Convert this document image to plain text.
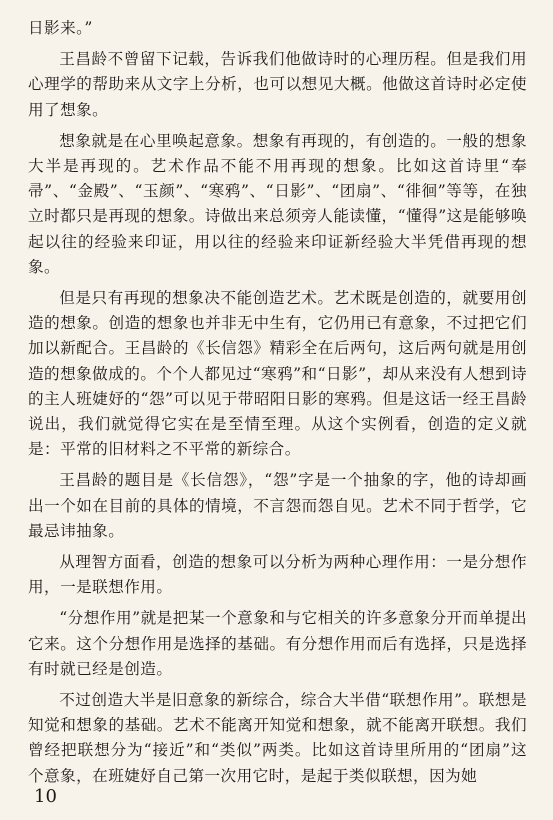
日影来。”

王昌龄不曾留下记载，告诉我们他做诗时的心理历程。但是我们用心理学的帮助来从文字上分析，也可以想见大概。他做这首诗时必定使用了想象。

想象就是在心里唤起意象。想象有再现的，有创造的。一般的想象大半是再现的。艺术作品不能不用再现的想象。比如这首诗里“奉帚”、“金殿”、“玉颜”、“寒鸦”、“日影”、“团扇”、“徘徊”等等，在独立时都只是再现的想象。诗做出来总须旁人能读懂，“懂得”这是能够唤起以往的经验来印证，用以往的经验来印证新经验大半凭借再现的想象。

但是只有再现的想象决不能创造艺术。艺术既是创造的，就要用创造的想象。创造的想象也并非无中生有，它仍用已有意象，不过把它们加以新配合。王昌龄的《长信怨》精彩全在后两句，这后两句就是用创造的想象做成的。个个人都见过“寒鸦”和“日影”，却从来没有人想到诗的主人班婕妤的“怨”可以见于带昭阳日影的寒鸦。但是这话一经王昌龄说出，我们就觉得它实在是至情至理。从这个实例看，创造的定义就是：平常的旧材料之不平常的新综合。

王昌龄的题目是《长信怨》，“怨”字是一个抽象的字，他的诗却画出一个如在目前的具体的情境，不言怨而怨自见。艺术不同于哲学，它最忌讳抽象。

从理智方面看，创造的想象可以分析为两种心理作用：一是分想作用，一是联想作用。

“分想作用”就是把某一个意象和与它相关的许多意象分开而单提出它来。这个分想作用是选择的基础。有分想作用而后有选择，只是选择有时就已经是创造。

不过创造大半是旧意象的新综合，综合大半借“联想作用”。联想是知觉和想象的基础。艺术不能离开知觉和想象，就不能离开联想。我们曾经把联想分为“接近”和“类似”两类。比如这首诗里所用的“团扇”这个意象，在班婕妤自己第一次用它时，是起于类似联想，因为她

10
